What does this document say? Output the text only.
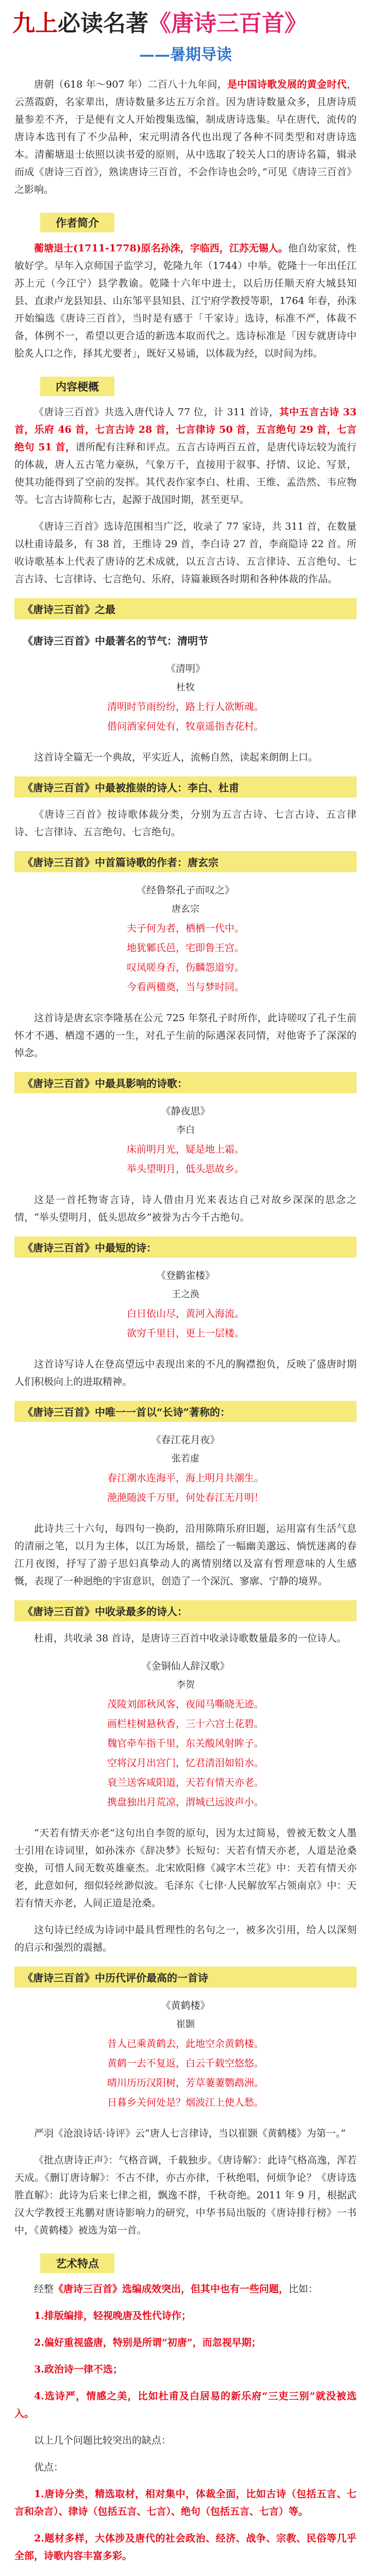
九上必读名著《唐诗三百首》
——暑期导读

唐朝（618 年～907 年）二百八十九年间，是中国诗歌发展的黄金时代，云蒸霞蔚，名家辈出，唐诗数量多达五万余首。因为唐诗数量众多，且唐诗质量参差不齐，于是便有文人开始搜集选编，制成唐诗选集。早在唐代，流传的唐诗本选刊有了不少品种，宋元明清各代也出现了各种不同类型和对唐诗选本。清蘅塘退士依照以读书爱的原则，从中选取了较关人口的唐诗名篇，辑录而成《唐诗三百首》，熟读唐诗三百首，不会作诗也会吟，”可见《唐诗三百首》之影响。

作者简介

蘅塘退士(1711-1778)原名孙洙，字临西，江苏无锡人。他自幼家贫，性敏好学。早年入京师国子监学习，乾隆九年（1744）中举。乾隆十一年出任江苏上元（今江宁）县学教谕。乾隆十六年中进士，以后历任顺天府大城县知县、直隶卢龙县知县、山东邹平县知县、江宁府学教授等职，1764 年春，孙洙开始编选《唐诗三百首》，当时是有感于「千家诗」选诗，标准不严，体裁不备，体例不一，希望以更合适的新选本取而代之。选诗标准是「因专就唐诗中脍炙人口之作，择其尤要者」，既好又易诵，以体裁为经，以时间为纬。

内容梗概

《唐诗三百首》共选入唐代诗人 77 位，计 311 首诗，其中五言古诗 33 首，乐府 46 首，七言古诗 28 首，七言律诗 50 首，五言绝句 29 首，七言绝句 51 首，谱所配有注释和评点。五言古诗两百五首，是唐代诗坛较为流行的体裁，唐人五古笔力豪纵，气象万千，直接用于叙事、抒情、议论、写景，使其功能得到了空前的发挥。其代表作家李白、杜甫、王维、孟浩然、韦应物等。七言古诗简称七古，起源于战国时期，甚至更早。

《唐诗三百首》选诗范围相当广泛，收录了 77 家诗，共 311 首，在数量以杜甫诗最多，有 38 首，王维诗 29 首，李白诗 27 首，李商隐诗 22 首。所收诗歌基本上代表了唐诗的艺术成就，以五言古诗、五言律诗、五言绝句、七言古诗、七言律诗、七言绝句、乐府，诗篇兼顾各时期和各种体裁的作品。

《唐诗三百首》之最
《唐诗三百首》中最著名的节气：清明节
《清明》
杜牧
清明时节雨纷纷，路上行人欲断魂。
借问酒家何处有，牧童遥指杏花村。

这首诗全篇无一个典故，平实近人，流畅自然，读起来朗朗上口。

《唐诗三百首》中最被推崇的诗人：李白、杜甫

《唐诗三百首》按诗歌体裁分类，分别为五言古诗、七言古诗、五言律诗、七言律诗、五言绝句、七言绝句。

《唐诗三百首》中首篇诗歌的作者：唐玄宗
《经鲁祭孔子而叹之》
唐玄宗
夫子何为者，栖栖一代中。
地犹鄹氏邑，宅即鲁王宫。
叹凤嗟身否，伤麟怨道穷。
今看两楹奠，当与梦时同。

这首诗是唐玄宗李隆基在公元 725 年祭孔子时所作，此诗嗟叹了孔子生前怀才不遇、栖遑不遇的一生，对孔子生前的际遇深表同情，对他寄予了深深的悼念。

《唐诗三百首》中最具影响的诗歌：
《静夜思》
李白
床前明月光，疑是地上霜。
举头望明月，低头思故乡。

这是一首托物寄言诗，诗人借由月光来表达自己对故乡深深的思念之情，“举头望明月，低头思故乡”被誉为古今千古绝句。

《唐诗三百首》中最短的诗：
《登鹳雀楼》
王之涣
白日依山尽，黄河入海流。
欲穷千里目，更上一层楼。

这首诗写诗人在登高望远中表现出来的不凡的胸襟抱负，反映了盛唐时期人们积极向上的进取精神。

《唐诗三百首》中唯一一首以“长诗”著称的：
《春江花月夜》
张若虚
春江潮水连海平，海上明月共潮生。
滟滟随波千万里，何处春江无月明！

此诗共三十六句，每四句一换韵，沿用陈隋乐府旧题，运用富有生活气息的清丽之笔，以月为主体，以江为场景，描绘了一幅幽美邈远、惝恍迷离的春江月夜图，抒写了游子思妇真挚动人的离情别绪以及富有哲理意味的人生感慨，表现了一种迥绝的宇宙意识，创造了一个深沉、寥廓、宁静的境界。

《唐诗三百首》中收录最多的诗人：

杜甫，共收录 38 首诗，是唐诗三百首中收录诗歌数量最多的一位诗人。

《金铜仙人辞汉歌》
李贺
茂陵刘郎秋风客，夜闻马嘶晓无迹。
画栏桂树悬秋香，三十六宫土花碧。
魏官牵车指千里，东关酸风射眸子。
空将汉月出宫门，忆君清泪如铅水。
衰兰送客咸阳道，天若有情天亦老。
携盘独出月荒凉，渭城已远波声小。

“天若有情天亦老”这句出自李贺的原句，因为太过简易，曾被无数文人墨士引用在诗词里，如孙洙亦《辞决梦》长短句：天若有情天亦老，人道是沧桑变换，可惜人间无数英雄豪杰。北宋欧阳修《减字木兰花》中：天若有情天亦老，此意如何，细似轻丝渺似波。毛泽东《七律·人民解放军占领南京》中：天若有情天亦老，人间正道是沧桑。

这句诗已经成为诗词中最具哲理性的名句之一，被多次引用，给人以深刻的启示和强烈的震撼。

《唐诗三百首》中历代评价最高的一首诗
《黄鹤楼》
崔颢
昔人已乘黄鹤去，此地空余黄鹤楼。
黄鹤一去不复返，白云千载空悠悠。
晴川历历汉阳树，芳草萋萋鹦鹉洲。
日暮乡关何处是？烟波江上使人愁。

严羽《沧浪诗话·诗评》云“唐人七言律诗，当以崔颢《黄鹤楼》为第一。”

《批点唐诗正声》：气格音调，千载独步。《唐诗解》：此诗气格高逸，浑若天成。《删订唐诗解》：不古不律，亦古亦律，千秋绝唱，何烦争论？《唐诗选胜直解》：此诗为后来七律之祖，飘逸不群，千秋奇绝。2011 年 9 月，根据武汉大学教授王兆鹏对唐诗影响力的研究，中华书局出版的《唐诗排行榜》一书中，《黄鹤楼》被选为第一首。

艺术特点

经整《唐诗三百首》选编成效突出，但其中也有一些问题，比如：

1.排版编排，轻视晚唐及性代诗作；

2.偏好重视盛唐，特别是所谓“初唐”，而忽视早期；

3.政治诗一律不选；

4.选诗严，情感之美，比如杜甫及白居易的新乐府“三吏三别”就没被选入。

以上几个问题比较突出的缺点：

优点：

1.唐诗分类，精选取材，相对集中，体裁全面，比如古诗（包括五言、七言和杂言）、律诗（包括五言、七言）、绝句（包括五言、七言）等。

2.题材多样，大体涉及唐代的社会政治、经济、战争、宗教、民俗等几乎全部，诗歌内容丰富多彩。
